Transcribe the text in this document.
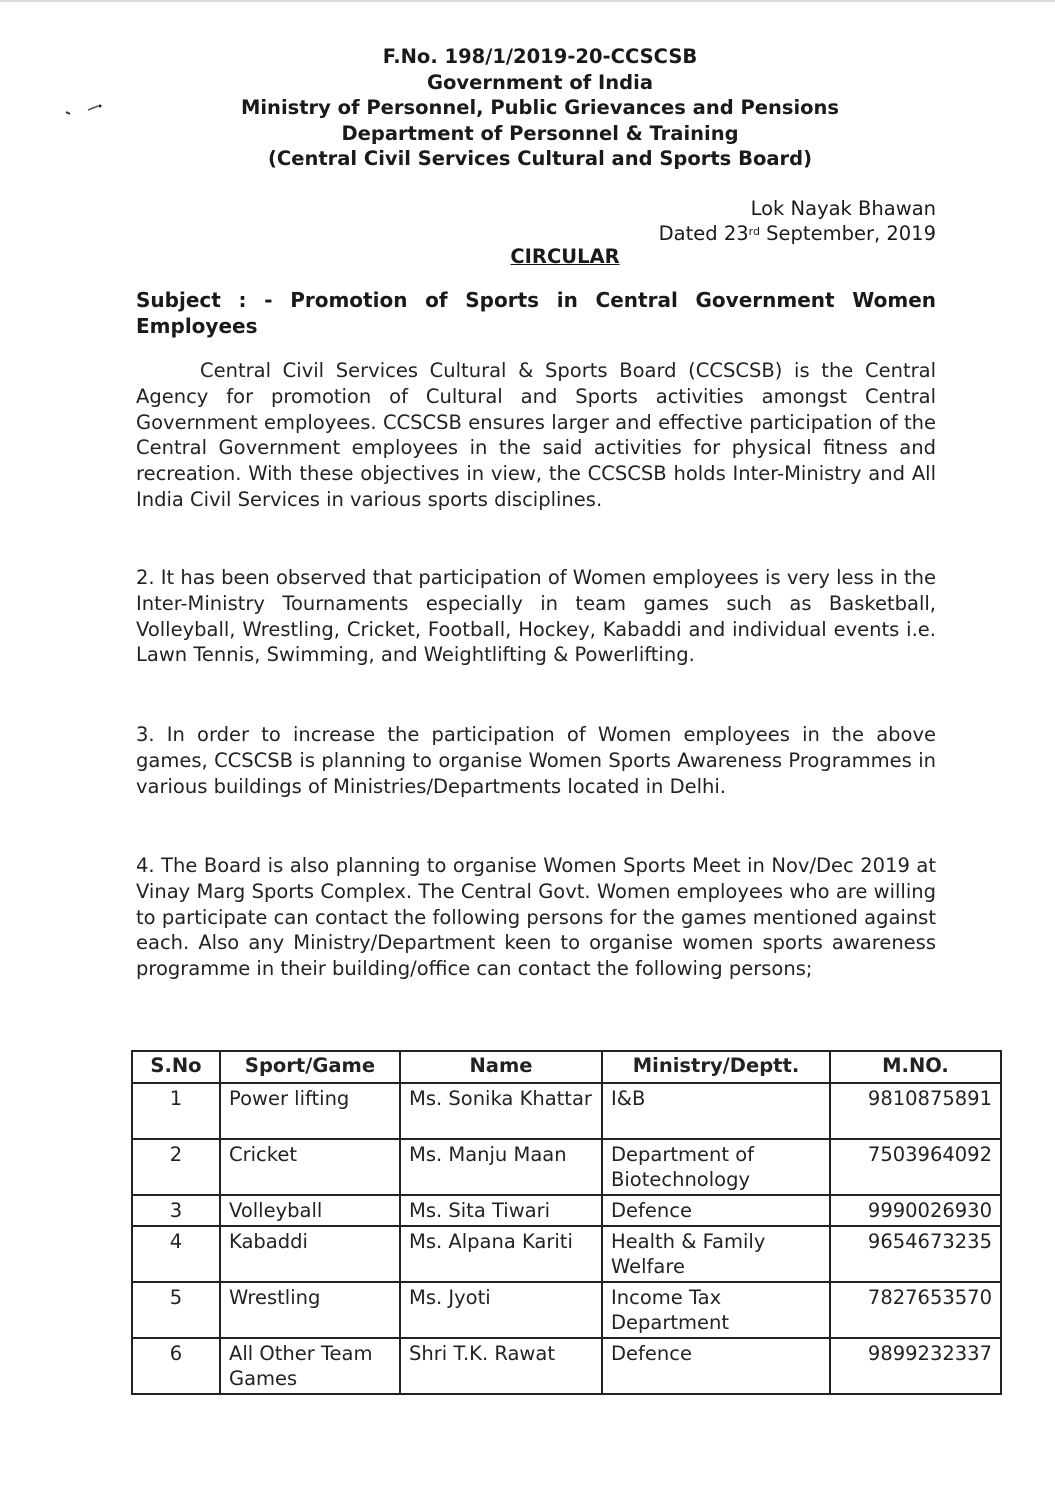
F.No. 198/1/2019-20-CCSCSB
Government of India
Ministry of Personnel, Public Grievances and Pensions
Department of Personnel & Training
(Central Civil Services Cultural and Sports Board)
Lok Nayak Bhawan
Dated 23rd September, 2019
CIRCULAR
Subject : - Promotion of Sports in Central Government Women Employees
Central Civil Services Cultural & Sports Board (CCSCSB) is the Central Agency for promotion of Cultural and Sports activities amongst Central Government employees. CCSCSB ensures larger and effective participation of the Central Government employees in the said activities for physical fitness and recreation. With these objectives in view, the CCSCSB holds Inter-Ministry and All India Civil Services in various sports disciplines.
2. It has been observed that participation of Women employees is very less in the Inter-Ministry Tournaments especially in team games such as Basketball, Volleyball, Wrestling, Cricket, Football, Hockey, Kabaddi and individual events i.e. Lawn Tennis, Swimming, and Weightlifting & Powerlifting.
3. In order to increase the participation of Women employees in the above games, CCSCSB is planning to organise Women Sports Awareness Programmes in various buildings of Ministries/Departments located in Delhi.
4. The Board is also planning to organise Women Sports Meet in Nov/Dec 2019 at Vinay Marg Sports Complex. The Central Govt. Women employees who are willing to participate can contact the following persons for the games mentioned against each. Also any Ministry/Department keen to organise women sports awareness programme in their building/office can contact the following persons;
S.No	Sport/Game	Name	Ministry/Deptt.	M.NO.
1	Power lifting	Ms. Sonika Khattar	I&B	9810875891
2	Cricket	Ms. Manju Maan	Department of Biotechnology	7503964092
3	Volleyball	Ms. Sita Tiwari	Defence	9990026930
4	Kabaddi	Ms. Alpana Kariti	Health & Family Welfare	9654673235
5	Wrestling	Ms. Jyoti	Income Tax Department	7827653570
6	All Other Team Games	Shri T.K. Rawat	Defence	9899232337
